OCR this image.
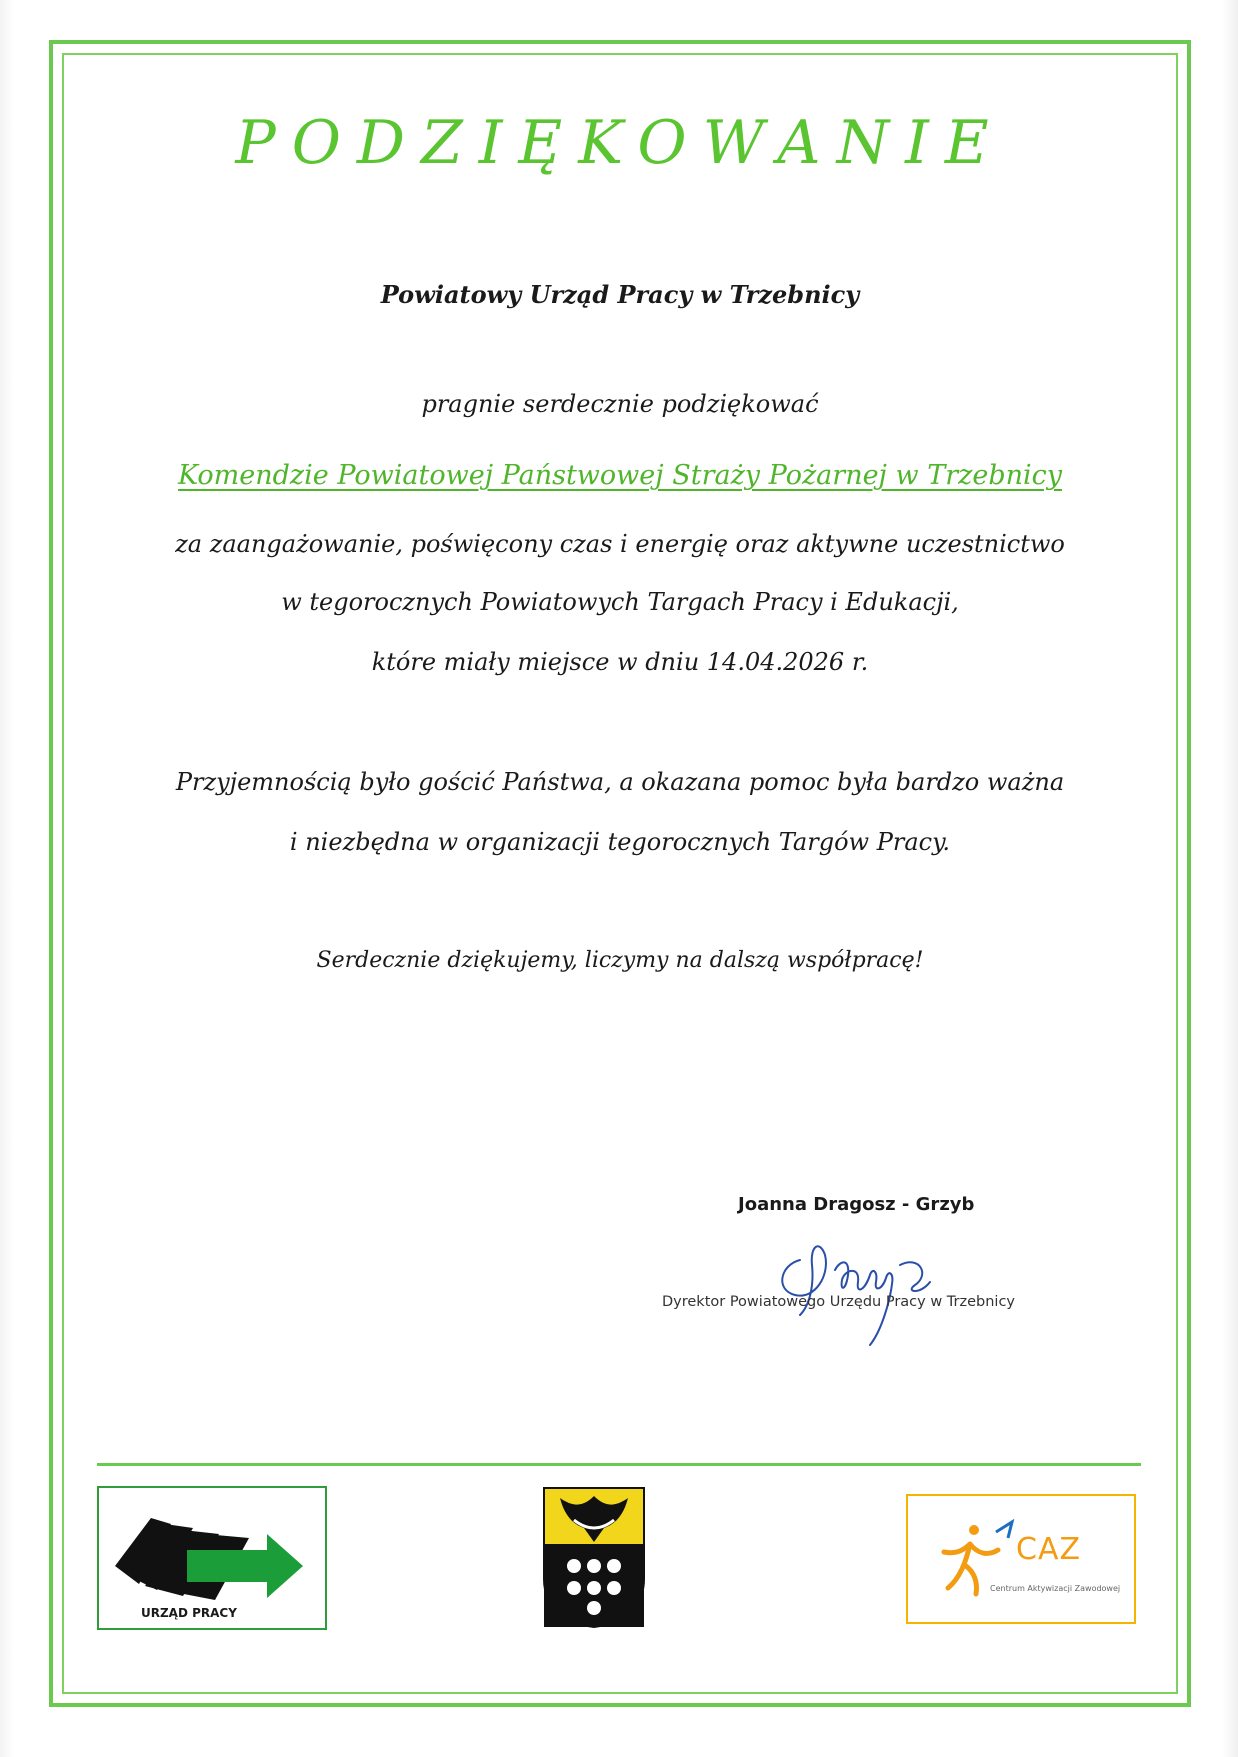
PODZIĘKOWANIE
Powiatowy Urząd Pracy w Trzebnicy
pragnie serdecznie podziękować
Komendzie Powiatowej Państwowej Straży Pożarnej w Trzebnicy
za zaangażowanie, poświęcony czas i energię oraz aktywne uczestnictwo
w tegorocznych Powiatowych Targach Pracy i Edukacji,
które miały miejsce w dniu 14.04.2026 r.
Przyjemnością było gościć Państwa, a okazana pomoc była bardzo ważna
i niezbędna w organizacji tegorocznych Targów Pracy.
Serdecznie dziękujemy, liczymy na dalszą współpracę!
Joanna Dragosz - Grzyb
Dyrektor Powiatowego Urzędu Pracy w Trzebnicy
URZĄD PRACY
CAZ
Centrum Aktywizacji Zawodowej
